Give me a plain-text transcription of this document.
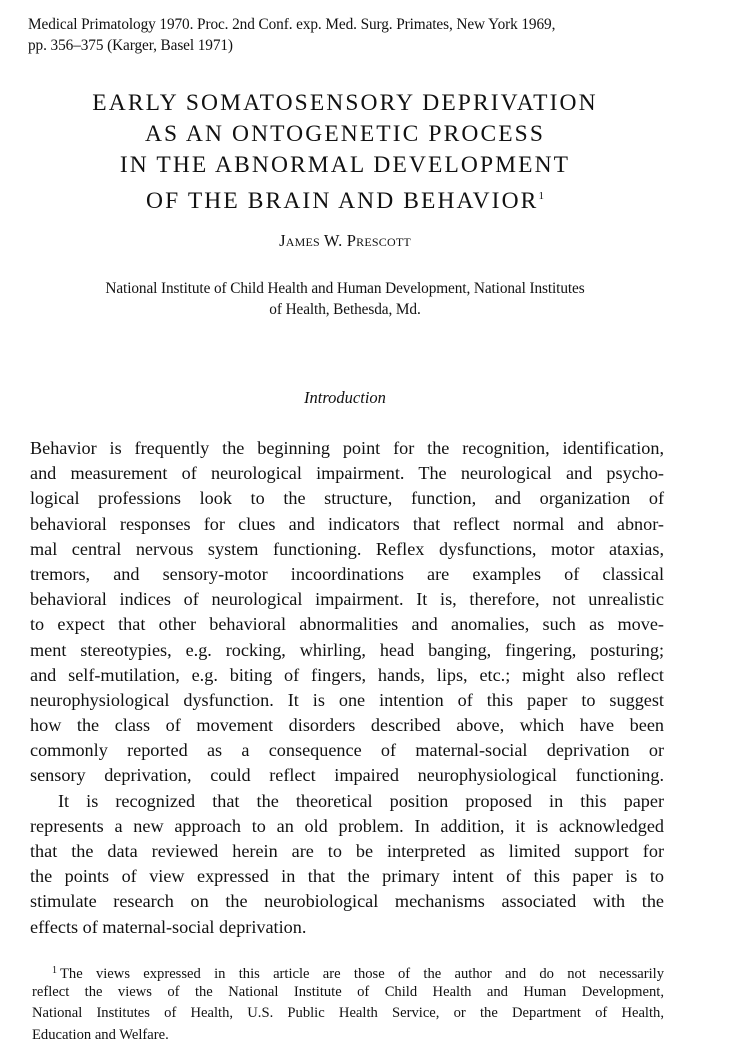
Medical Primatology 1970. Proc. 2nd Conf. exp. Med. Surg. Primates, New York 1969,
pp. 356–375 (Karger, Basel 1971)
EARLY SOMATOSENSORY DEPRIVATION
AS AN ONTOGENETIC PROCESS
IN THE ABNORMAL DEVELOPMENT
OF THE BRAIN AND BEHAVIOR$^1$
James W. Prescott
National Institute of Child Health and Human Development, National Institutes
of Health, Bethesda, Md.
Introduction
Behavior is frequently the beginning point for the recognition, identification,
and measurement of neurological impairment. The neurological and psycho-
logical professions look to the structure, function, and organization of
behavioral responses for clues and indicators that reflect normal and abnor-
mal central nervous system functioning. Reflex dysfunctions, motor ataxias,
tremors, and sensory-motor incoordinations are examples of classical
behavioral indices of neurological impairment. It is, therefore, not unrealistic
to expect that other behavioral abnormalities and anomalies, such as move-
ment stereotypies, e.g. rocking, whirling, head banging, fingering, posturing;
and self-mutilation, e.g. biting of fingers, hands, lips, etc.; might also reflect
neurophysiological dysfunction. It is one intention of this paper to suggest
how the class of movement disorders described above, which have been
commonly reported as a consequence of maternal-social deprivation or
sensory deprivation, could reflect impaired neurophysiological functioning.
It is recognized that the theoretical position proposed in this paper
represents a new approach to an old problem. In addition, it is acknowledged
that the data reviewed herein are to be interpreted as limited support for
the points of view expressed in that the primary intent of this paper is to
stimulate research on the neurobiological mechanisms associated with the
effects of maternal-social deprivation.
$^1$ The views expressed in this article are those of the author and do not necessarily
reflect the views of the National Institute of Child Health and Human Development,
National Institutes of Health, U.S. Public Health Service, or the Department of Health,
Education and Welfare.
